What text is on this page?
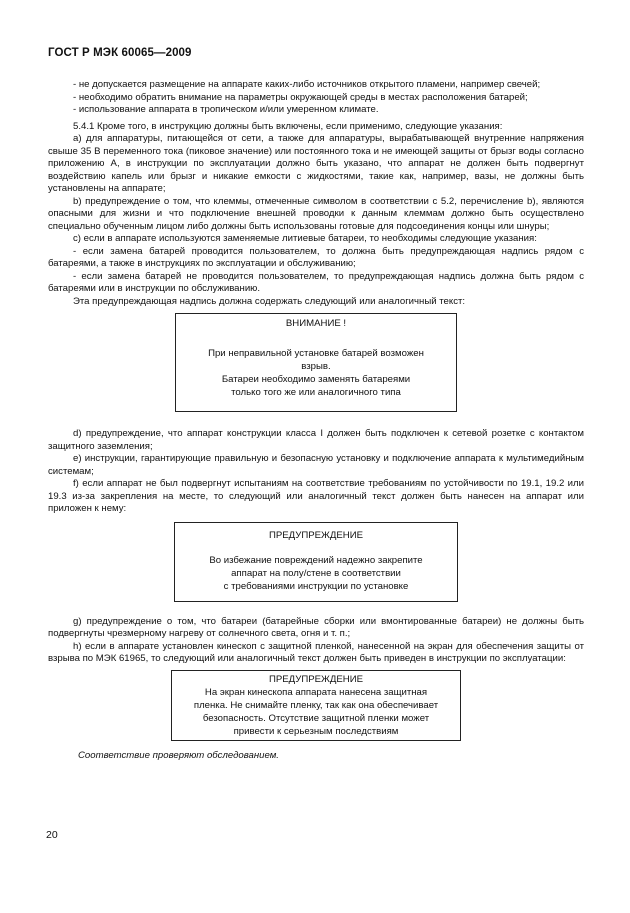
ГОСТ Р МЭК 60065—2009

- не допускается размещение на аппарате каких-либо источников открытого пламени, например свечей;

- необходимо обратить внимание на параметры окружающей среды в местах расположения батарей;

- использование аппарата в тропическом и/или умеренном климате.

5.4.1 Кроме того, в инструкцию должны быть включены, если применимо, следующие указания:

a) для аппаратуры, питающейся от сети, а также для аппаратуры, вырабатывающей внутренние напряжения свыше 35 В переменного тока (пиковое значение) или постоянного тока и не имеющей защиты от брызг воды согласно приложению А, в инструкции по эксплуатации должно быть указано, что аппарат не должен быть подвергнут воздействию капель или брызг и никакие емкости с жидкостями, такие как, например, вазы, не должны быть установлены на аппарате;

b) предупреждение о том, что клеммы, отмеченные символом в соответствии с 5.2, перечисление b), являются опасными для жизни и что подключение внешней проводки к данным клеммам должно быть осуществлено специально обученным лицом либо должны быть использованы готовые для подсоединения концы или шнуры;

c) если в аппарате используются заменяемые литиевые батареи, то необходимы следующие указания:

- если замена батарей проводится пользователем, то должна быть предупреждающая надпись рядом с батареями, а также в инструкциях по эксплуатации и обслуживанию;

- если замена батарей не проводится пользователем, то предупреждающая надпись должна быть рядом с батареями или в инструкции по обслуживанию.

Эта предупреждающая надпись должна содержать следующий или аналогичный текст:

ВНИМАНИЕ !
При неправильной установке батарей возможен
взрыв.
Батареи необходимо заменять батареями
только того же или аналогичного типа

d) предупреждение, что аппарат конструкции класса I должен быть подключен к сетевой розетке с контактом защитного заземления;

e) инструкции, гарантирующие правильную и безопасную установку и подключение аппарата к мультимедийным системам;

f) если аппарат не был подвергнут испытаниям на соответствие требованиям по устойчивости по 19.1, 19.2 или 19.3 из-за закрепления на месте, то следующий или аналогичный текст должен быть нанесен на аппарат или приложен к нему:

ПРЕДУПРЕЖДЕНИЕ
Во избежание повреждений надежно закрепите
аппарат на полу/стене в соответствии
с требованиями инструкции по установке

g) предупреждение о том, что батареи (батарейные сборки или вмонтированные батареи) не должны быть подвергнуты чрезмерному нагреву от солнечного света, огня и т. п.;

h) если в аппарате установлен кинескоп с защитной пленкой, нанесенной на экран для обеспечения защиты от взрыва по МЭК 61965, то следующий или аналогичный текст должен быть приведен в инструкции по эксплуатации:

ПРЕДУПРЕЖДЕНИЕ
На экран кинескопа аппарата нанесена защитная
пленка. Не снимайте пленку, так как она обеспечивает
безопасность. Отсутствие защитной пленки может
привести к серьезным последствиям

Соответствие проверяют обследованием.

20
